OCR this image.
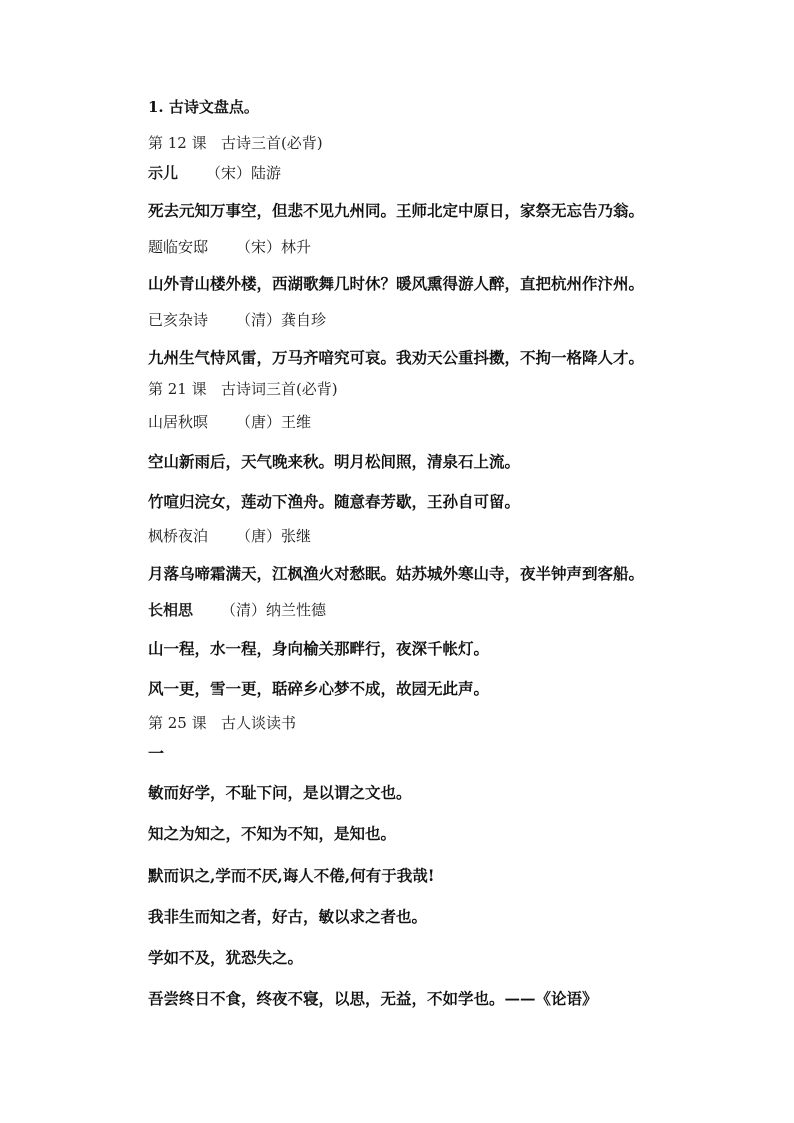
1. 古诗文盘点。
第 12 课 古诗三首(必背)
示儿 （宋）陆游
死去元知万事空，但悲不见九州同。王师北定中原日，家祭无忘告乃翁。
题临安邸 （宋）林升
山外青山楼外楼，西湖歌舞几时休？暖风熏得游人醉，直把杭州作汴州。
已亥杂诗 （清）龚自珍
九州生气恃风雷，万马齐喑究可哀。我劝天公重抖擞，不拘一格降人才。
第 21 课 古诗词三首(必背)
山居秋暝 （唐）王维
空山新雨后，天气晚来秋。明月松间照，清泉石上流。
竹喧归浣女，莲动下渔舟。随意春芳歇，王孙自可留。
枫桥夜泊 （唐）张继
月落乌啼霜满天，江枫渔火对愁眠。姑苏城外寒山寺，夜半钟声到客船。
长相思 （清）纳兰性德
山一程，水一程，身向榆关那畔行，夜深千帐灯。
风一更，雪一更，聒碎乡心梦不成，故园无此声。
第 25 课 古人谈读书
一
敏而好学，不耻下问，是以谓之文也。
知之为知之，不知为不知，是知也。
默而识之,学而不厌,诲人不倦,何有于我哉!
我非生而知之者，好古，敏以求之者也。
学如不及，犹恐失之。
吾尝终日不食，终夜不寝，以思，无益，不如学也。——《论语》
